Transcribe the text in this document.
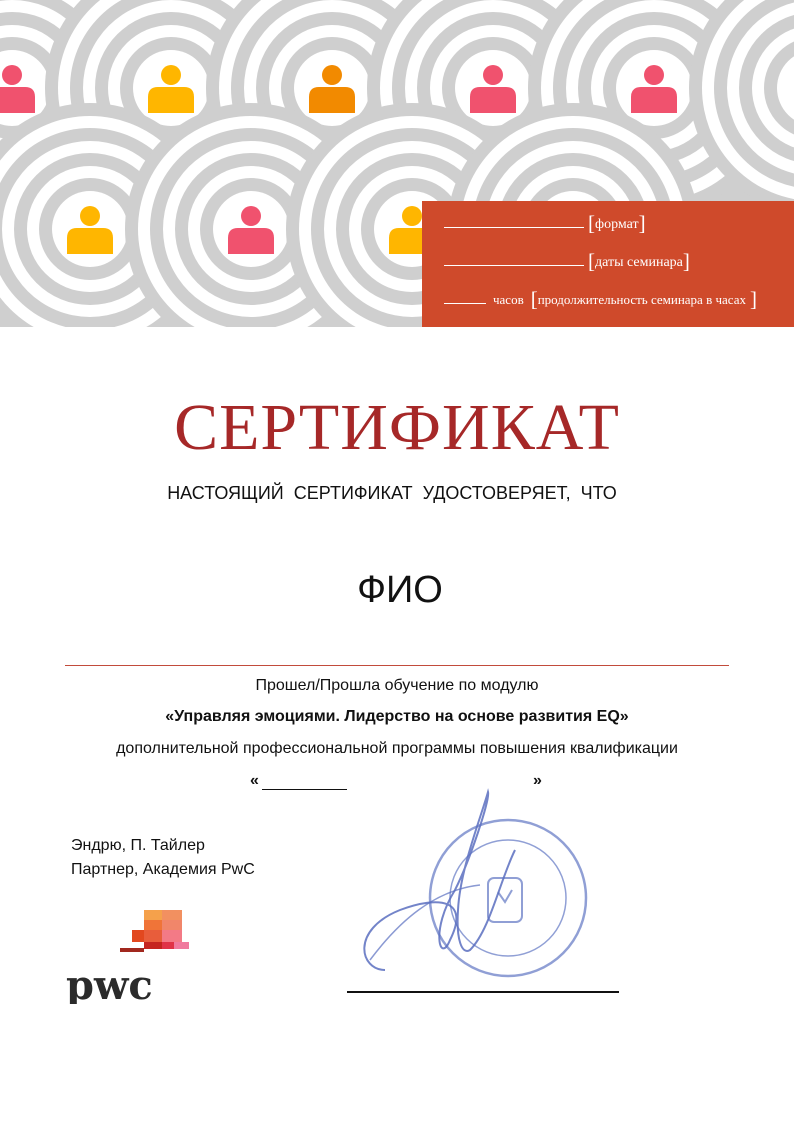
[формат]
[даты семинара]
часов [продолжительность семинара в часах ]
СЕРТИФИКАТ
НАСТОЯЩИЙ СЕРТИФИКАТ УДОСТОВЕРЯЕТ, ЧТО
ФИО
Прошел/Прошла обучение по модулю
«Управляя эмоциями. Лидерство на основе развития EQ»
дополнительной профессиональной программы повышения квалификации
«	»
Эндрю, П. Тайлер
Партнер, Академия PwC
pwc
